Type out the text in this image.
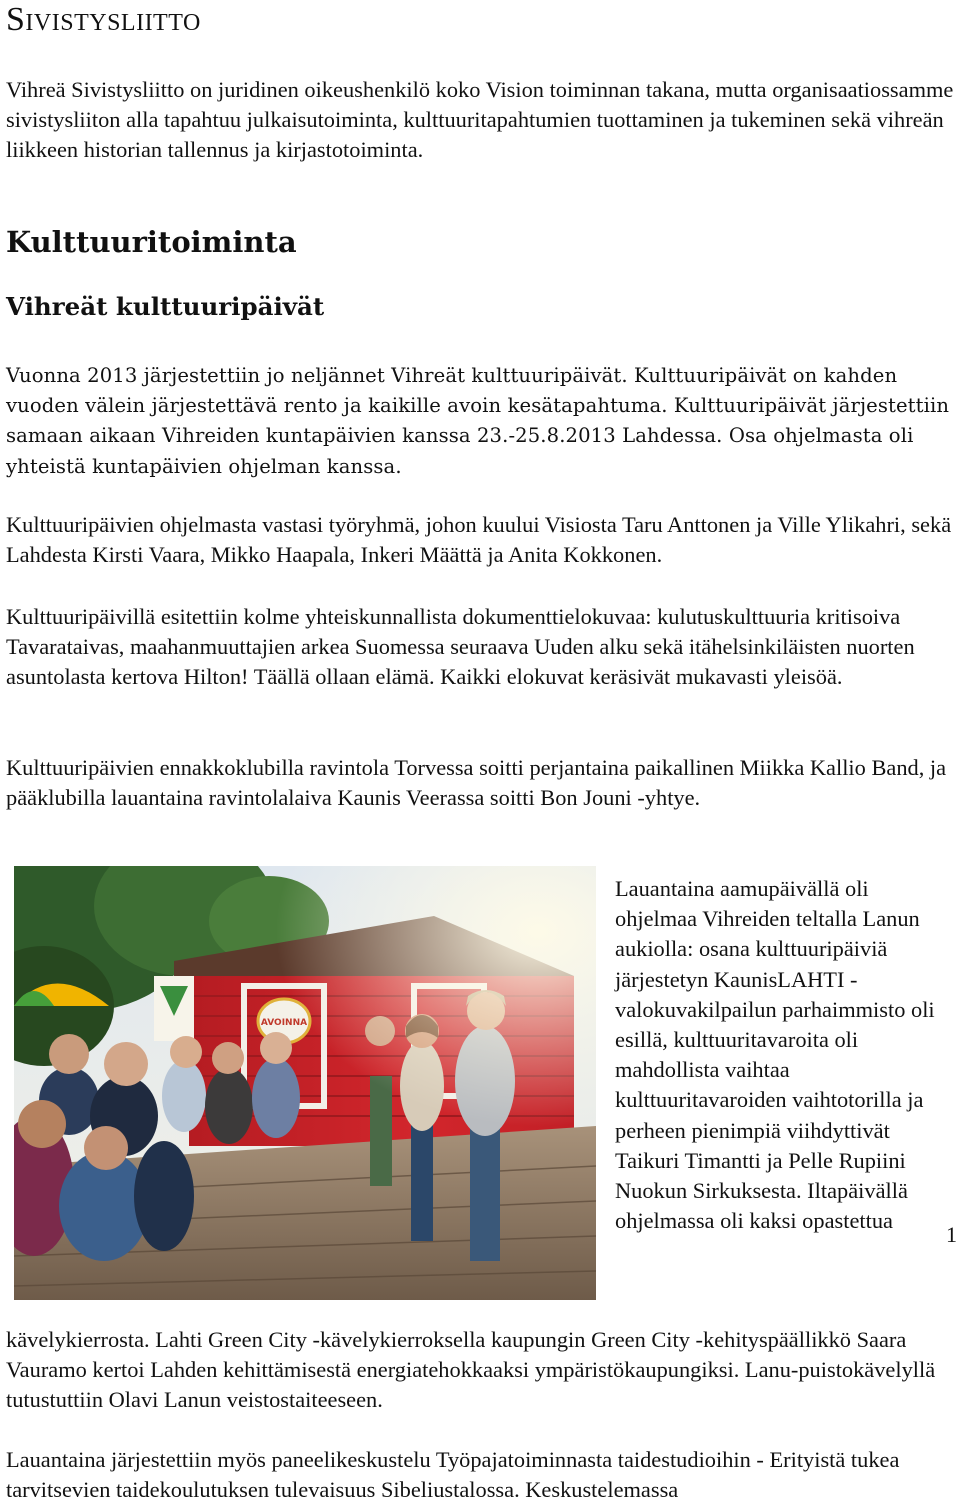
Sivistysliitto

Vihreä Sivistysliitto on juridinen oikeushenkilö koko Vision toiminnan takana, mutta organisaatiossamme sivistysliiton alla tapahtuu julkaisutoiminta, kulttuuritapahtumien tuottaminen ja tukeminen sekä vihreän liikkeen historian tallennus ja kirjastotoiminta.

Kulttuuritoiminta
Vihreät kulttuuripäivät

Vuonna 2013 järjestettiin jo neljännet Vihreät kulttuuripäivät. Kulttuuripäivät on kahden vuoden välein järjestettävä rento ja kaikille avoin kesätapahtuma. Kulttuuripäivät järjestettiin samaan aikaan Vihreiden kuntapäivien kanssa 23.-25.8.2013 Lahdessa. Osa ohjelmasta oli yhteistä kuntapäivien ohjelman kanssa.

Kulttuuripäivien ohjelmasta vastasi työryhmä, johon kuului Visiosta Taru Anttonen ja Ville Ylikahri, sekä Lahdesta Kirsti Vaara, Mikko Haapala, Inkeri Määttä ja Anita Kokkonen.

Kulttuuripäivillä esitettiin kolme yhteiskunnallista dokumenttielokuvaa: kulutuskulttuuria kritisoiva Tavarataivas, maahanmuuttajien arkea Suomessa seuraava Uuden alku sekä itähelsinkiläisten nuorten asuntolasta kertova Hilton! Täällä ollaan elämä. Kaikki elokuvat keräsivät mukavasti yleisöä.

Kulttuuripäivien ennakkoklubilla ravintola Torvessa soitti perjantaina paikallinen Miikka Kallio Band, ja pääklubilla lauantaina ravintolalaiva Kaunis Veerassa soitti Bon Jouni -yhtye.

Lauantaina aamupäivällä oli ohjelmaa Vihreiden teltalla Lanun aukiolla: osana kulttuuripäiviä järjestetyn KaunisLAHTI -valokuvakilpailun parhaimmisto oli esillä, kulttuuritavaroita oli mahdollista vaihtaa kulttuuritavaroiden vaihtotorilla ja perheen pienimpiä viihdyttivät Taikuri Timantti ja Pelle Rupiini Nuokun Sirkuksesta. Iltapäivällä ohjelmassa oli kaksi opastettua

kävelykierrosta. Lahti Green City -kävelykierroksella kaupungin Green City -kehityspäällikkö Saara Vauramo kertoi Lahden kehittämisestä energiatehokkaaksi ympäristökaupungiksi. Lanu-puistokävelyllä tutustuttiin Olavi Lanun veistostaiteeseen.

Lauantaina järjestettiin myös paneelikeskustelu Työpajatoiminnasta taidestudioihin - Erityistä tukea tarvitsevien taidekoulutuksen tulevaisuus Sibeliustalossa. Keskustelemassa

1
